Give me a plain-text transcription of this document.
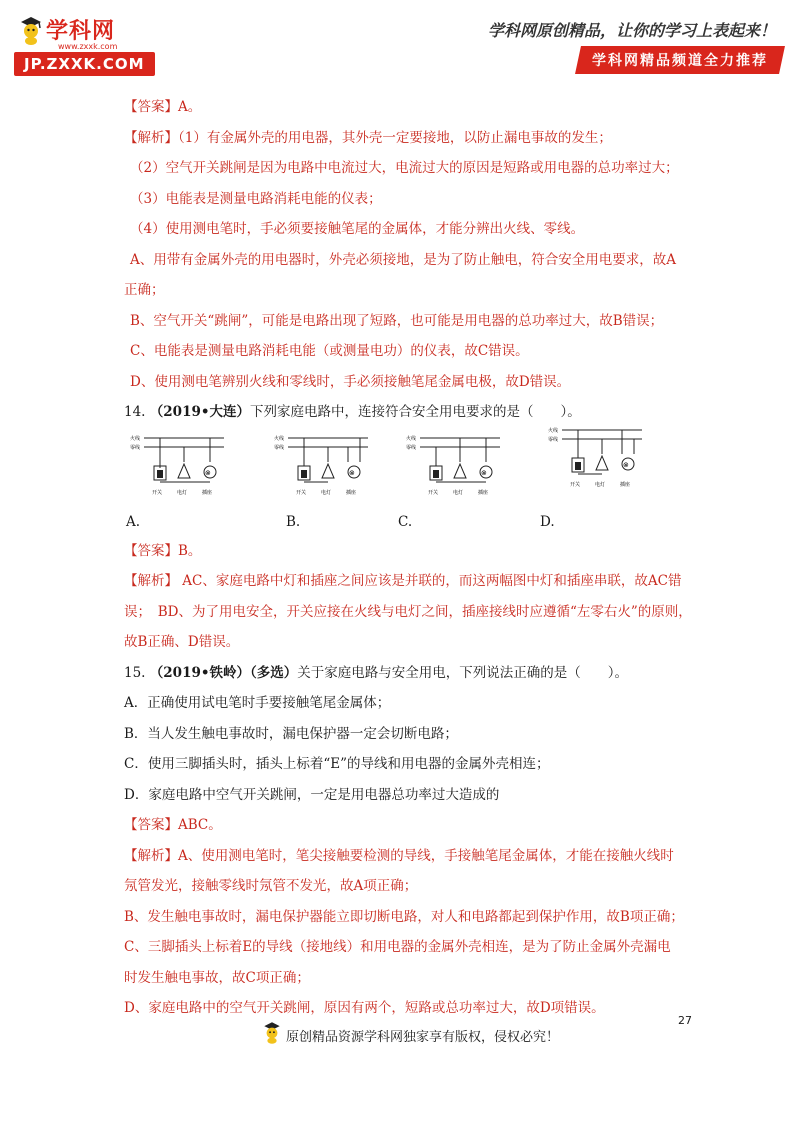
学科网
www.zxxk.com
JP.ZXXK.COM
学科网原创精品，让你的学习上表起来！
学科网精品频道全力推荐
【答案】A。
【解析】（1）有金属外壳的用电器，其外壳一定要接地，以防止漏电事故的发生；
（2）空气开关跳闸是因为电路中电流过大，电流过大的原因是短路或用电器的总功率过大；
（3）电能表是测量电路消耗电能的仪表；
（4）使用测电笔时，手必须要接触笔尾的金属体，才能分辨出火线、零线。
A、用带有金属外壳的用电器时，外壳必须接地，是为了防止触电，符合安全用电要求，故A
正确；
B、空气开关“跳闸”，可能是电路出现了短路，也可能是用电器的总功率过大，故B错误；
C、电能表是测量电路消耗电能（或测量电功）的仪表，故C错误。
D、使用测电笔辨别火线和零线时，手必须接触笔尾金属电极，故D错误。
14. （2019•大连）下列家庭电路中，连接符合安全用电要求的是（　　）。
火线
零线
⊗
开关	电灯	插座
火线
零线
⊗
开关	电灯	插座
火线
零线
⊗
开关	电灯	插座
火线
零线
⊗
开关	电灯	插座
A.	B.	C.	D.
【答案】B。
【解析】 AC、家庭电路中灯和插座之间应该是并联的，而这两幅图中灯和插座串联，故AC错
误；　BD、为了用电安全，开关应接在火线与电灯之间，插座接线时应遵循“左零右火”的原则，
故B正确、D错误。
15. （2019•铁岭）（多选）关于家庭电路与安全用电，下列说法正确的是（　　）。
A．正确使用试电笔时手要接触笔尾金属体；
B．当人发生触电事故时，漏电保护器一定会切断电路；
C．使用三脚插头时，插头上标着“E”的导线和用电器的金属外壳相连；
D．家庭电路中空气开关跳闸，一定是用电器总功率过大造成的
【答案】ABC。
【解析】A、使用测电笔时，笔尖接触要检测的导线，手接触笔尾金属体，才能在接触火线时
氖管发光，接触零线时氖管不发光，故A项正确；
B、发生触电事故时，漏电保护器能立即切断电路，对人和电路都起到保护作用，故B项正确；
C、三脚插头上标着E的导线（接地线）和用电器的金属外壳相连，是为了防止金属外壳漏电
时发生触电事故，故C项正确；
D、家庭电路中的空气开关跳闸，原因有两个，短路或总功率过大，故D项错误。
27
原创精品资源学科网独家享有版权，侵权必究！
